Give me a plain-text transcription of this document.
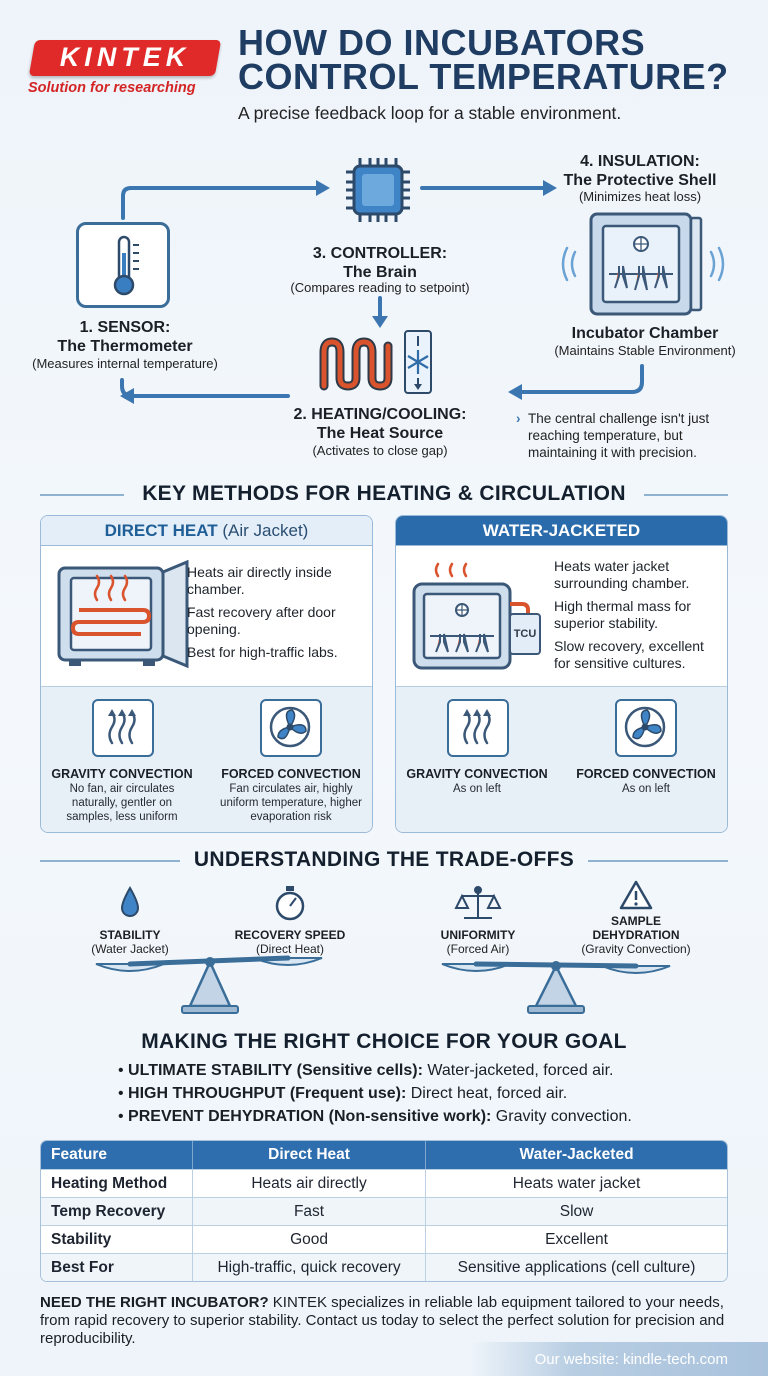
KINTEK
Solution for researching
HOW DO INCUBATORS
CONTROL TEMPERATURE?
A precise feedback loop for a stable environment.
1. SENSOR:
The Thermometer
(Measures internal temperature)
3. CONTROLLER:
The Brain
(Compares reading to setpoint)
2. HEATING/COOLING:
The Heat Source
(Activates to close gap)
4. INSULATION:
The Protective Shell
(Minimizes heat loss)
Incubator Chamber
(Maintains Stable Environment)
› The central challenge isn't just
reaching temperature, but
maintaining it with precision.
KEY METHODS FOR HEATING & CIRCULATION
DIRECT HEAT (Air Jacket)

Heats air directly inside chamber.

Fast recovery after door opening.

Best for high-traffic labs.

GRAVITY CONVECTION
No fan, air circulates naturally, gentler on samples, less uniform
FORCED CONVECTION
Fan circulates air, highly uniform temperature, higher evaporation risk
WATER-JACKETED
TCU

Heats water jacket surrounding chamber.

High thermal mass for superior stability.

Slow recovery, excellent for sensitive cultures.

GRAVITY CONVECTION
As on left
FORCED CONVECTION
As on left
UNDERSTANDING THE TRADE-OFFS
STABILITY
(Water Jacket)
RECOVERY SPEED
(Direct Heat)
UNIFORMITY
(Forced Air)
SAMPLE
DEHYDRATION
(Gravity Convection)
MAKING THE RIGHT CHOICE FOR YOUR GOAL
• ULTIMATE STABILITY (Sensitive cells): Water-jacketed, forced air.
• HIGH THROUGHPUT (Frequent use): Direct heat, forced air.
• PREVENT DEHYDRATION (Non-sensitive work): Gravity convection.
Feature	Direct Heat	Water-Jacketed
Heating Method	Heats air directly	Heats water jacket
Temp Recovery	Fast	Slow
Stability	Good	Excellent
Best For	High-traffic, quick recovery	Sensitive applications (cell culture)
NEED THE RIGHT INCUBATOR? KINTEK specializes in reliable lab equipment tailored to your needs, from rapid recovery to superior stability. Contact us today to select the perfect solution for precision and reproducibility.
Our website: kindle-tech.com
